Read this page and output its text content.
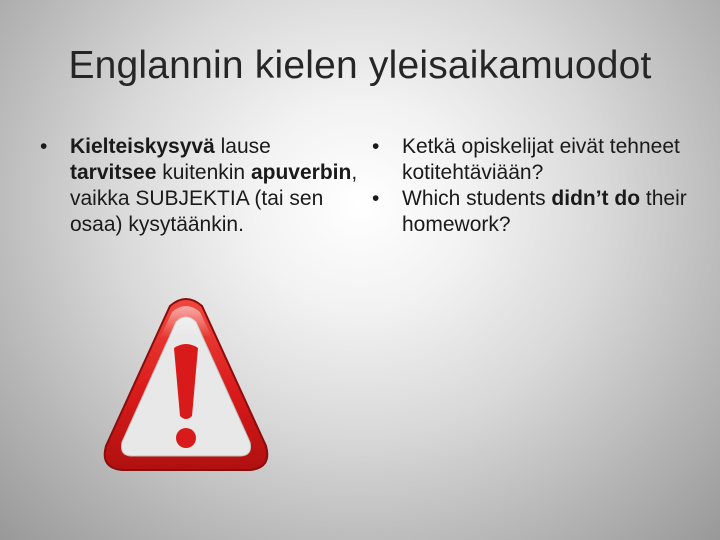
Englannin kielen yleisaikamuodot

•	Kielteiskysyvä lause tarvitsee kuitenkin apuverbin, vaikka SUBJEKTIA (tai sen osaa) kysytäänkin.

•	Ketkä opiskelijat eivät tehneet kotitehtäviään?

•	Which students didn’t do their homework?

!
